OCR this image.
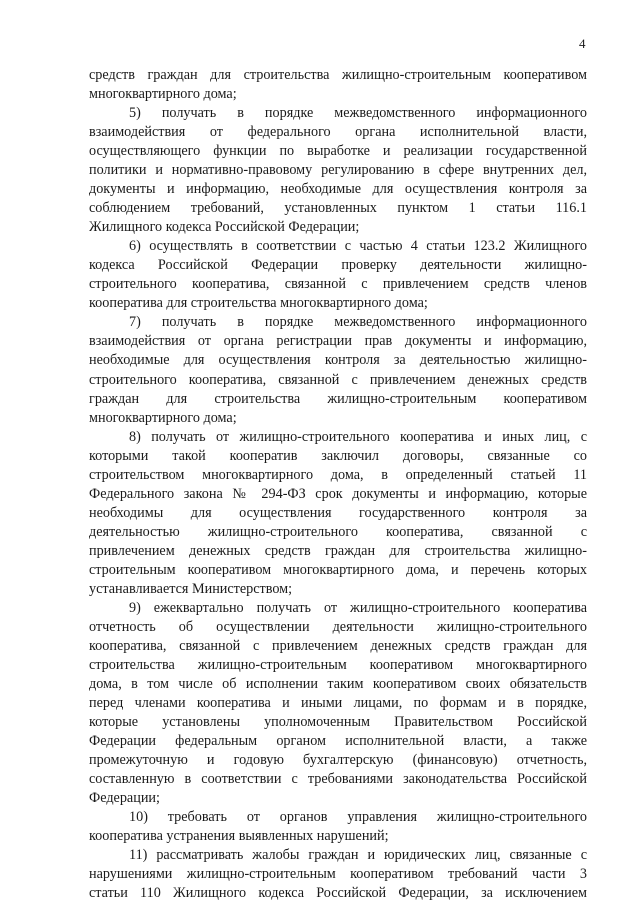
4
средств граждан для строительства жилищно-строительным кооперативом
многоквартирного дома;
5) получать в порядке межведомственного информационного
взаимодействия от федерального органа исполнительной власти,
осуществляющего функции по выработке и реализации государственной
политики и нормативно-правовому регулированию в сфере внутренних дел,
документы и информацию, необходимые для осуществления контроля за
соблюдением требований, установленных пунктом 1 статьи 116.1
Жилищного кодекса Российской Федерации;
6) осуществлять в соответствии с частью 4 статьи 123.2 Жилищного
кодекса Российской Федерации проверку деятельности жилищно-
строительного кооператива, связанной с привлечением средств членов
кооператива для строительства многоквартирного дома;
7) получать в порядке межведомственного информационного
взаимодействия от органа регистрации прав документы и информацию,
необходимые для осуществления контроля за деятельностью жилищно-
строительного кооператива, связанной с привлечением денежных средств
граждан для строительства жилищно-строительным кооперативом
многоквартирного дома;
8) получать от жилищно-строительного кооператива и иных лиц, с
которыми такой кооператив заключил договоры, связанные со
строительством многоквартирного дома, в определенный статьей 11
Федерального закона № 294-ФЗ срок документы и информацию, которые
необходимы для осуществления государственного контроля за
деятельностью жилищно-строительного кооператива, связанной с
привлечением денежных средств граждан для строительства жилищно-
строительным кооперативом многоквартирного дома, и перечень которых
устанавливается Министерством;
9) ежеквартально получать от жилищно-строительного кооператива
отчетность об осуществлении деятельности жилищно-строительного
кооператива, связанной с привлечением денежных средств граждан для
строительства жилищно-строительным кооперативом многоквартирного
дома, в том числе об исполнении таким кооперативом своих обязательств
перед членами кооператива и иными лицами, по формам и в порядке,
которые установлены уполномоченным Правительством Российской
Федерации федеральным органом исполнительной власти, а также
промежуточную и годовую бухгалтерскую (финансовую) отчетность,
составленную в соответствии с требованиями законодательства Российской
Федерации;
10) требовать от органов управления жилищно-строительного
кооператива устранения выявленных нарушений;
11) рассматривать жалобы граждан и юридических лиц, связанные с
нарушениями жилищно-строительным кооперативом требований части 3
статьи 110 Жилищного кодекса Российской Федерации, за исключением
